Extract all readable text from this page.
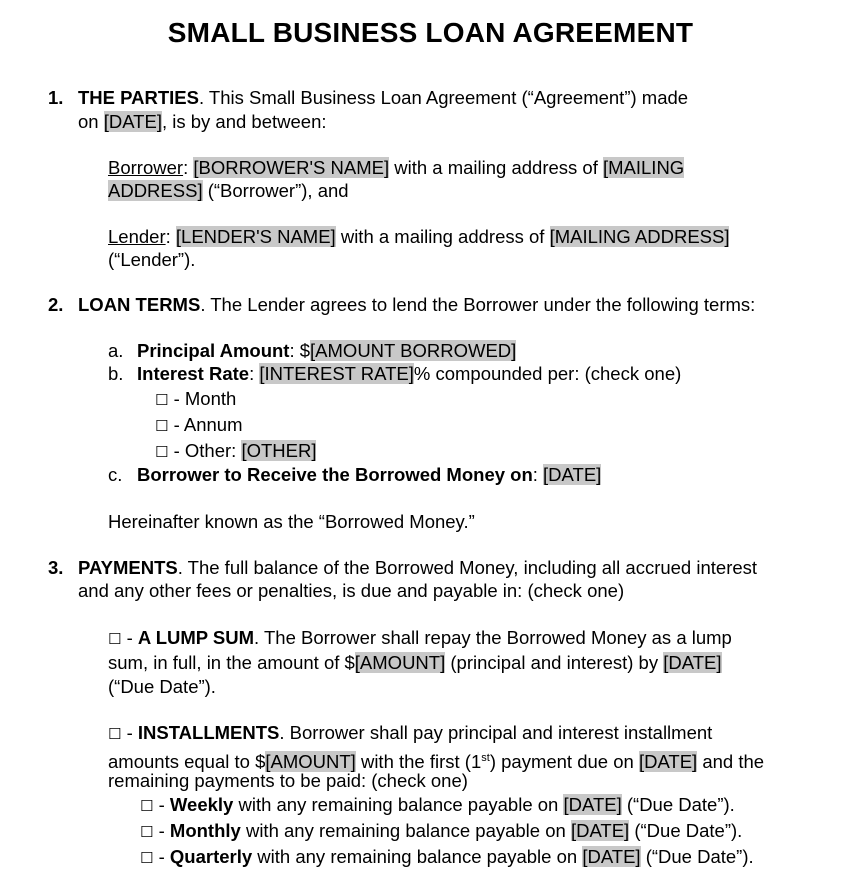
SMALL BUSINESS LOAN AGREEMENT
1. THE PARTIES. This Small Business Loan Agreement (“Agreement”) made
on [DATE], is by and between:
Borrower: [BORROWER'S NAME] with a mailing address of [MAILING
ADDRESS] (“Borrower”), and
Lender: [LENDER'S NAME] with a mailing address of [MAILING ADDRESS]
(“Lender”).
2. LOAN TERMS. The Lender agrees to lend the Borrower under the following terms:
a. Principal Amount: $[AMOUNT BORROWED]
b. Interest Rate: [INTEREST RATE]% compounded per: (check one)
☐ - Month
☐ - Annum
☐ - Other: [OTHER]
c. Borrower to Receive the Borrowed Money on: [DATE]
Hereinafter known as the “Borrowed Money.”
3. PAYMENTS. The full balance of the Borrowed Money, including all accrued interest
and any other fees or penalties, is due and payable in: (check one)
☐ - A LUMP SUM. The Borrower shall repay the Borrowed Money as a lump
sum, in full, in the amount of $[AMOUNT] (principal and interest) by [DATE]
(“Due Date”).
☐ - INSTALLMENTS. Borrower shall pay principal and interest installment
amounts equal to $[AMOUNT] with the first (1st) payment due on [DATE] and the
remaining payments to be paid: (check one)
☐ - Weekly with any remaining balance payable on [DATE] (“Due Date”).
☐ - Monthly with any remaining balance payable on [DATE] (“Due Date”).
☐ - Quarterly with any remaining balance payable on [DATE] (“Due Date”).
